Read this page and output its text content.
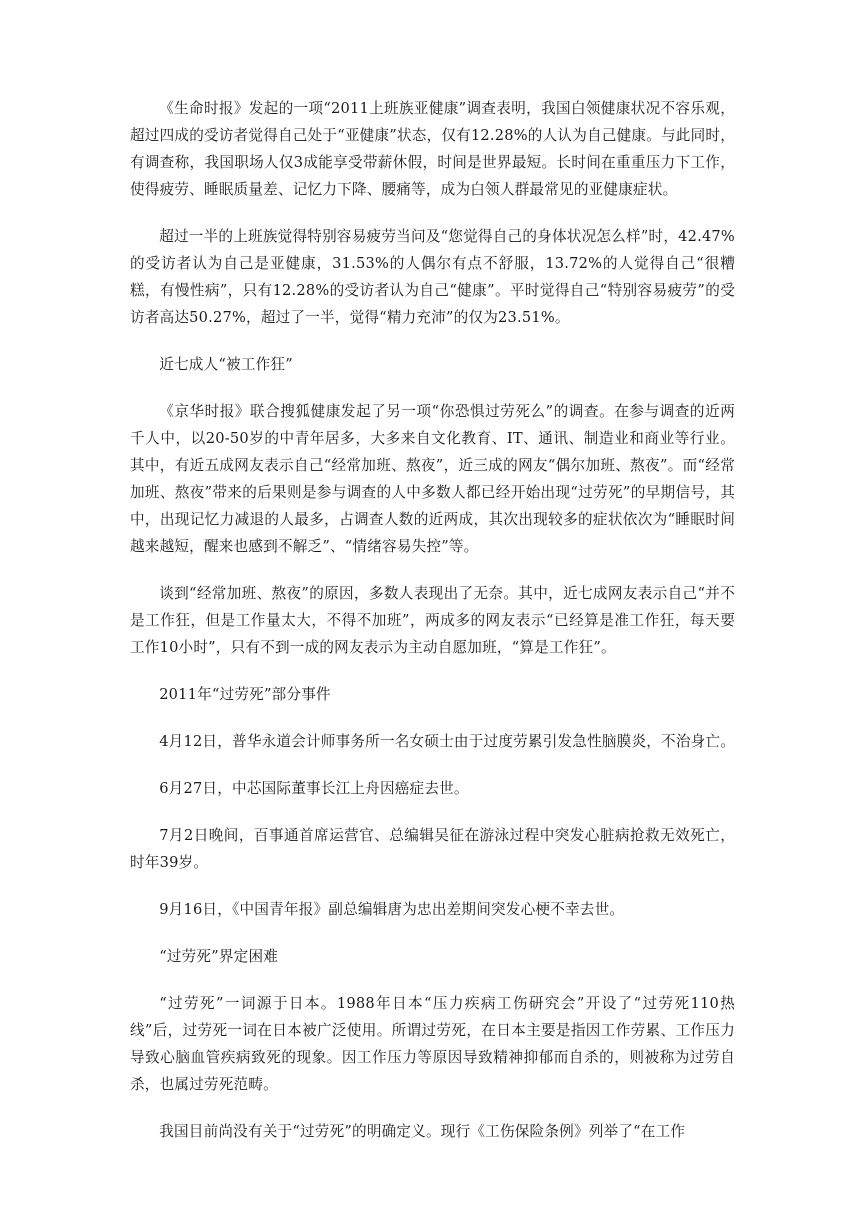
《生命时报》发起的一项“2011上班族亚健康”调查表明，我国白领健康状况不容乐观，超过四成的受访者觉得自己处于“亚健康”状态，仅有12.28%的人认为自己健康。与此同时，有调查称，我国职场人仅3成能享受带薪休假，时间是世界最短。长时间在重重压力下工作，使得疲劳、睡眠质量差、记忆力下降、腰痛等，成为白领人群最常见的亚健康症状。

超过一半的上班族觉得特别容易疲劳当问及“您觉得自己的身体状况怎么样”时，42.47%的受访者认为自己是亚健康，31.53%的人偶尔有点不舒服，13.72%的人觉得自己“很糟糕，有慢性病”，只有12.28%的受访者认为自己“健康”。平时觉得自己“特别容易疲劳”的受访者高达50.27%，超过了一半，觉得“精力充沛”的仅为23.51%。

近七成人“被工作狂”

《京华时报》联合搜狐健康发起了另一项“你恐惧过劳死么”的调查。在参与调查的近两千人中，以20-50岁的中青年居多，大多来自文化教育、IT、通讯、制造业和商业等行业。其中，有近五成网友表示自己“经常加班、熬夜”，近三成的网友“偶尔加班、熬夜”。而“经常加班、熬夜”带来的后果则是参与调查的人中多数人都已经开始出现“过劳死”的早期信号，其中，出现记忆力减退的人最多，占调查人数的近两成，其次出现较多的症状依次为“睡眠时间越来越短，醒来也感到不解乏”、“情绪容易失控”等。

谈到“经常加班、熬夜”的原因，多数人表现出了无奈。其中，近七成网友表示自己“并不是工作狂，但是工作量太大，不得不加班”，两成多的网友表示“已经算是准工作狂，每天要工作10小时”，只有不到一成的网友表示为主动自愿加班，“算是工作狂”。

2011年“过劳死”部分事件

4月12日，普华永道会计师事务所一名女硕士由于过度劳累引发急性脑膜炎，不治身亡。

6月27日，中芯国际董事长江上舟因癌症去世。

7月2日晚间，百事通首席运营官、总编辑吴征在游泳过程中突发心脏病抢救无效死亡，时年39岁。

9月16日，《中国青年报》副总编辑唐为忠出差期间突发心梗不幸去世。

“过劳死”界定困难

“过劳死”一词源于日本。1988年日本“压力疾病工伤研究会”开设了“过劳死110热线”后，过劳死一词在日本被广泛使用。所谓过劳死，在日本主要是指因工作劳累、工作压力导致心脑血管疾病致死的现象。因工作压力等原因导致精神抑郁而自杀的，则被称为过劳自杀，也属过劳死范畴。

我国目前尚没有关于“过劳死”的明确定义。现行《工伤保险条例》列举了“在工作
